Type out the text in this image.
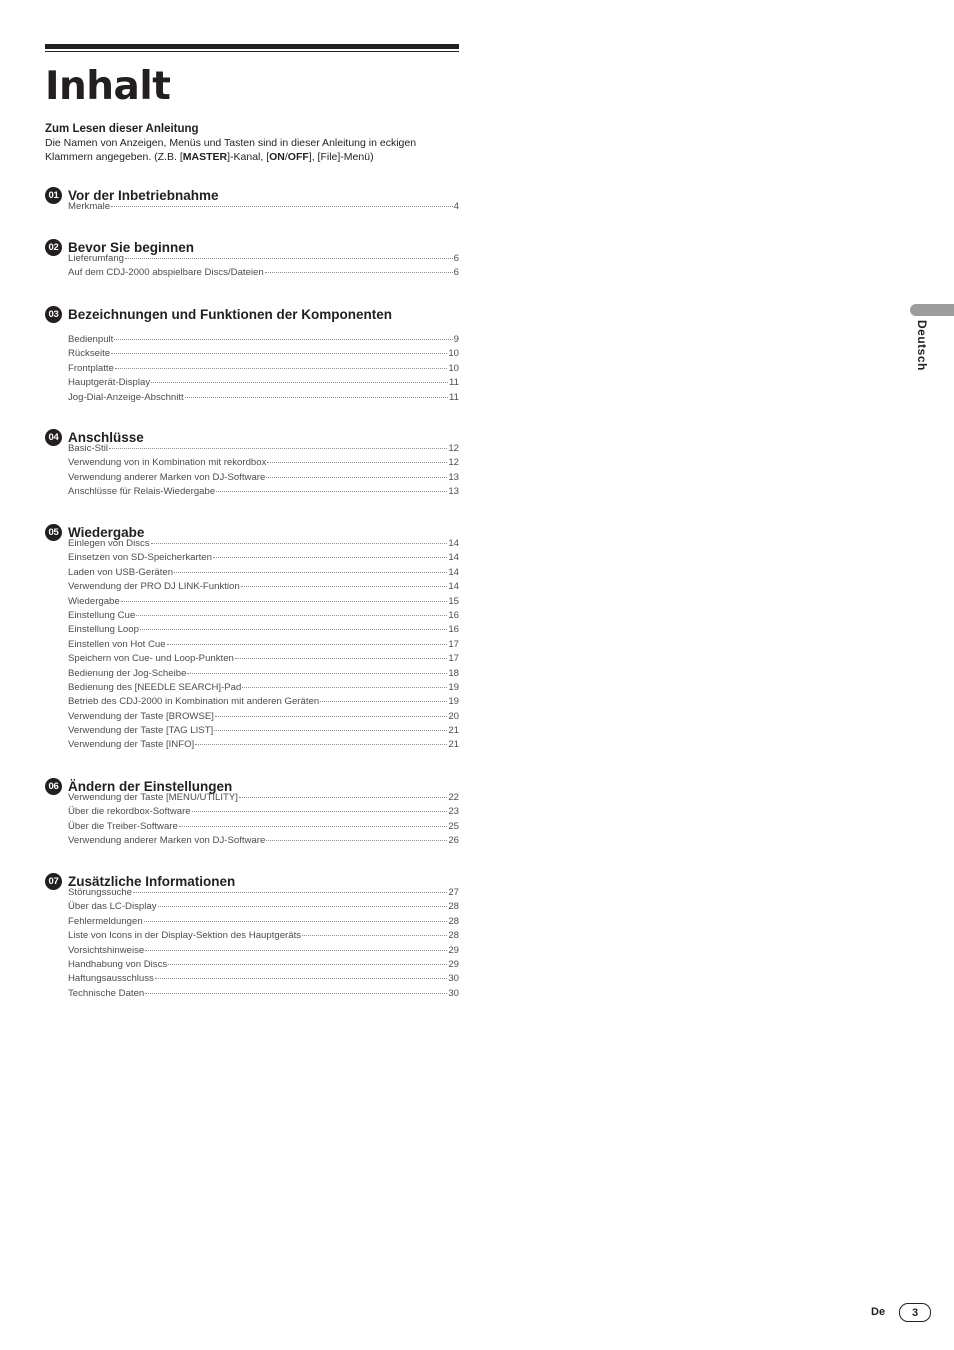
Inhalt
Zum Lesen dieser Anleitung
Die Namen von Anzeigen, Menüs und Tasten sind in dieser Anleitung in eckigen
Klammern angegeben. (Z.B. [MASTER]-Kanal, [ON/OFF], [File]-Menü)
01 Vor der Inbetriebnahme
Merkmale	4
02 Bevor Sie beginnen
Lieferumfang	6
Auf dem CDJ-2000 abspielbare Discs/Dateien	6
03 Bezeichnungen und Funktionen der Komponenten
Bedienpult	9
Rückseite	10
Frontplatte	10
Hauptgerät-Display	11
Jog-Dial-Anzeige-Abschnitt	11
04 Anschlüsse
Basic-Stil	12
Verwendung von in Kombination mit rekordbox	12
Verwendung anderer Marken von DJ-Software	13
Anschlüsse für Relais-Wiedergabe	13
05 Wiedergabe
Einlegen von Discs	14
Einsetzen von SD-Speicherkarten	14
Laden von USB-Geräten	14
Verwendung der PRO DJ LINK-Funktion	14
Wiedergabe	15
Einstellung Cue	16
Einstellung Loop	16
Einstellen von Hot Cue	17
Speichern von Cue- und Loop-Punkten	17
Bedienung der Jog-Scheibe	18
Bedienung des [NEEDLE SEARCH]-Pad	19
Betrieb des CDJ-2000 in Kombination mit anderen Geräten	19
Verwendung der Taste [BROWSE]	20
Verwendung der Taste [TAG LIST]	21
Verwendung der Taste [INFO]	21
06 Ändern der Einstellungen
Verwendung der Taste [MENU/UTILITY]	22
Über die rekordbox-Software	23
Über die Treiber-Software	25
Verwendung anderer Marken von DJ-Software	26
07 Zusätzliche Informationen
Störungssuche	27
Über das LC-Display	28
Fehlermeldungen	28
Liste von Icons in der Display-Sektion des Hauptgeräts	28
Vorsichtshinweise	29
Handhabung von Discs	29
Haftungsausschluss	30
Technische Daten	30
Deutsch
De	3
